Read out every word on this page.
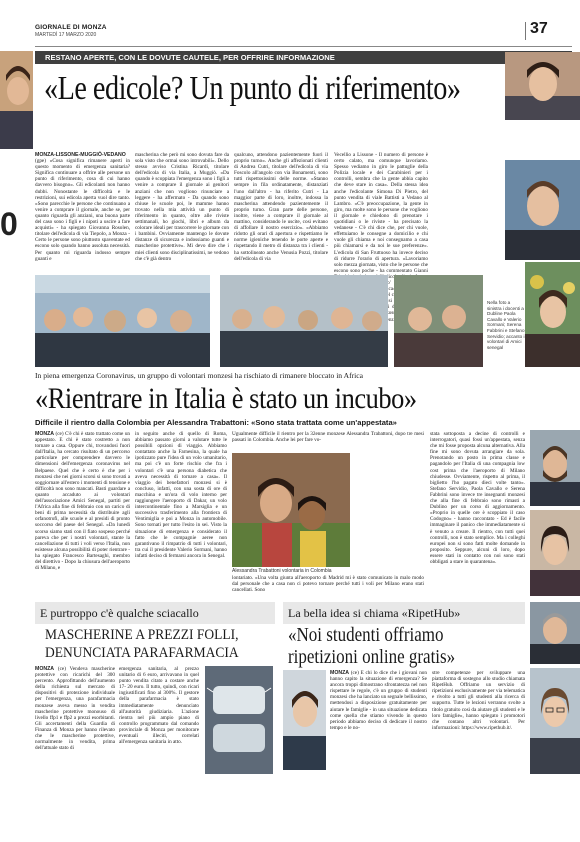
GIORNALE DI MONZA
MARTEDÌ 17 MARZO 2020	37
0
RESTANO APERTE, CON LE DOVUTE CAUTELE, PER OFFRIRE INFORMAZIONE
«Le edicole? Un punto di riferimento»
MONZA-LISSONE-MUGGIÒ-VEDANO (gpe) «Cosa significa rimanere aperti in questo momento di emergenza sanitaria? Significa continuare a offrire alle persone un punto di riferimento, cosa di cui hanno davvero bisogno». Gli edicolanti non hanno dubbi. Nonostante le difficoltà e le restrizioni, sui edicola aperta vuol dire tanto. «Sono parecchie le persone che continuano a venire a comprare il giornale, anche se, per quanto riguarda gli anziani, una buona parte del caso sono i figli e i nipoti a uscire a fare acquisti» - ha spiegato Giovanna Rosolen, titolare dell'edicola di via Tiepolo, a Monza - Certo le persone sono piuttosto spaventate ed escono solo quando hanno assoluta necessità. Per quanto mi riguarda indosso sempre guanti e
mascherina che però mi sono dovuta fare da sola visto che ormai sono introvabili». Dello stesso avviso Cristina Ricardi, titolare dell'edicola di via Italia, a Muggiò. «Da quando è scoppiata l'emergenza sono i figli a venire a comprare il giornale ai genitori anziani che non vogliono rinunciare a leggere - ha affermato - Da quando sono chiuse le scuole poi, le mamme hanno trovato nella mia attività un punto di riferimento in quanto, oltre alle riviste settimanali, ho giochi, libri e album da colorare ideali per trascorrere le giornate con i bambini. Ovviamente mantengo le dovute distanze di sicurezza e indossiamo guanti e mascherine protettive». Mi devo dire che i miei clienti sono disciplinatissimi, ne vedono che c'è già dentro
qualcuno, attendono pazientemente fuori il proprio turno». Anche gli affezionati clienti di Andrea Cutri, titolare dell'edicola di via Foscolo all'angolo con via Bonamenti, sono tutti rispettosissimi delle norme. «Stanno sempre in fila ordinatamente, distanziati l'uno dall'altro - ha riferito Cutri - La maggior parte di loro, inoltre, indossa la mascherina attendendo pazientemente il proprio turno. Gran parte delle persone, inoltre, viene a comprare il giornale al mattino, considerando le uscite, così evitano di affollare il nostro esercizio». «Abbiamo ridotto gli orari di apertura e rispettiamo le norme igieniche tenendo le porte aperte e rispettando il metro di distanza tra i clienti - ha sottolineato anche Venusia Pozzi, titolare dell'edicola di via
Vecellio a Lissone - Il numero di persone è certo calato, ma comunque lavoriamo. Spesso vediamo in giro le pattuglie della Polizia locale e dei Carabinieri per i controlli, sembra che la gente abbia capito che deve stare in casa». Della stessa idea anche l'edicolante Simona Di Pietro, del punto vendita di viale Battisti a Vedano al Lambro. «C'è preoccupazione, la gente in giro, ma molte sono le persone che vogliono il giornale e chiedono di prenotare i quotidiani o le riviste - ha precisato la vedanese - C'è chi dice che, per chi vuole, effettuiamo le consegne a domicilio e chi vuole gli chiama e noi consegnamo a casa più chiamarsi e da noi le sue preferenze». L'edicola di San Fruttuoso ha invece deciso di ridurre l'orario di apertura. «Lavoriamo solo mezza giornata, visto che le persone che escono sono poche - ha commentato Gianni critica». si Rossino
Nella foto a sinistra i docenti a Dubline Paola Cavallo e Valerio Sormani; Serena Fabbrini e Stefano Servidio; accanto i volontari di Amici senegal
In piena emergenza Coronavirus, un gruppo di volontari monzesi ha rischiato di rimanere bloccato in Africa
«Rientrare in Italia è stato un incubo»
Difficile il rientro dalla Colombia per Alessandra Trabattoni: «Sono stata trattata come un'appestata»
MONZA (ce) C'è chi è stato trattato come un appestato. E chi è stato costretto a non tornare a casa. Oppure chi, trovandosi fuori dall'Italia, ha cercato risultato di un percorso particolare per comprendere davvero le dimensioni dell'emergenza coronavirus nel Belpaese. Quel che è certo è che per i monzesi che nei giorni scorsi si sono trovati a soggiornare all'estero i momenti di tensione e difficoltà non sono mancati. Basti guardare a quanto accaduto ai volontari dell'associazione Amici Senegal, partiti per l'Africa alla fine di febbraio con un carico di beni di prima necessità da distribuire agli orfanotrofi, alle scuole e al presidi di pronto soccorso del paese del Senegal. «Da lunedì scorso siamo stati con il fiato sospeso perché pareva che per i nostri volontari, stante la cancellazione di tutti i voli verso l'Italia, non esistesse alcuna possibilità di poter rientrare - ha spiegato Francesco Bartesaghi, membro del direttivo - Dopo la chiusura dell'aeroporto di Milano, e
in seguito anche di quello di Roma, abbiamo passato giorni a valutare tutte le possibili opzioni di viaggio. Abbiamo contattato anche la Farnesina, la quale ha ipotizzato pure l'idea di un volo umanitario, ma poi c'è un forte rischio che fra i volontari c'è una persona diabetica che aveva necessità di tornare a casa». Il viaggio dei benefattori monzesi si è concluso, infatti, con una sosta di ore di macchina e un'ora di volo interno per raggiungere l'aeroporto di Dakar, un volo intercontinentale fino a Marsiglia e un successivo trasferimento alla frontiera di Ventimiglia e poi a Monza in automobile. Sono tornati per tutto l'esito in sei. Visto la situazione di emergenza e considerato il fatto che le compagnie aeree non garantivano il rimpatrio di tutti i volontari, tra cui il presidente Valerio Sormani, hanno infatti deciso di fermarsi ancora in Senegal.
Ugualmente difficile il rientro per la 32enne monzese Alessandra Trabattoni, dopo tre mesi passati in Colombia. Anche lei per fare vo-
Alessandra Trabattoni volontaria in Colombia
lontariato. «Una volta giunta all'aeroporto di Madrid mi è stato comunicato in malo modo dal personale che a casa non ci potevo tornare perché tutti i voli per Milano erano stati cancellati. Sono
stata sottoposta a decine di controlli e interrogatori, quasi fossi un'appestata, senza che mi fosse proposta alcuna alternativa. Alla fine mi sono dovuta arrangiare da sola. Prenotando un posto in prima classe e pagandolo per l'Italia di una compagnia low cost prima che l'aeroporto di Milano chiudesse. Ovviamente, rispetto al prima, il biglietto l'ho pagato dieci volte tanto». Stefano Servidio, Paola Cavallo e Serena Fabbrini sono invece tre insegnanti monzesi che alla fine di febbraio sono rimasti a Dublino per un corso di aggiornamento. «Proprio in quelle ore è scoppiato il caso Codogno» - hanno raccontato - Ed è facile immaginare il panico che immediatamente si è venuto a creare. Il rientro, con tutti quei controlli, non è stato semplice. Ma i colleghi europei non si sono fatti molte domande in proposito. Seppure, alcuni di loro, dopo essere stati in contatto con noi sono stati obbligati a stare in quarantena».
E purtroppo c'è qualche sciacallo
MASCHERINE A PREZZI FOLLI,
DENUNCIATA PARAFARMACIA
MONZA (ce) Vendeva mascherine protettive con ricarichi del 300 percento. Approfittando dell'aumento della richiesta sul mercato di dispositivi di protezione individuale per l'emergenza, una parafarmacia monzese aveva messo in vendita mascherine protettive monouso di livello ffp1 e ffp2 a prezzi esorbitanti. Gli accertamenti della Guardia di Finanza di Monza per hanno rilevato che le mascherine protettive, normalmente in vendita, prima dell'attuale stato di
emergenza sanitaria, al prezzo unitario di 6 euro, arrivavano in quel punto vendita citato a costare anche 17- 20 euro. Il tutto, quindi, con ricari ingiustificati fino al 300%. Il gestore della parafarmacia è stato immediatamente denunciato all'autorità giudiziaria. L'azione rientra nel più ampio piano di controllo programmato dal comando provinciale di Monza per monitorare eventuali illeciti, correlati all'emergenza sanitaria in atto.
La bella idea si chiama «RipetHub»
«Noi studenti offriamo
ripetizioni online gratis»
MONZA (ce) E chi lo dice che i giovani non hanno capito la situazione di emergenza? Se ancora troppi dimostrano sfrontatezza nel non rispettare le regole, c'è un gruppo di studenti monzesi che ha lanciato un segnale bellissimo, mettendosi a disposizione gratuitamente per aiutare le famiglie - in una situazione dedicata come quella che stiamo vivendo in questo periodo abbiamo deciso di dedicare il nostro tempo e le no-
stre competenze per sviluppare una piattaforma di sostegno allo studio chiamata RipetHub. Offriamo un servizio di ripetizioni esclusivamente per via telematica e rivolto a tutti gli studenti alla ricerca di supporto. Tutte le lezioni verranno svolte a titolo gratuito così da aiutare gli studenti e le loro famiglie», hanno spiegato i promotori che contano altri volontari. Per informazioni: https://www.ripethub.it/.
